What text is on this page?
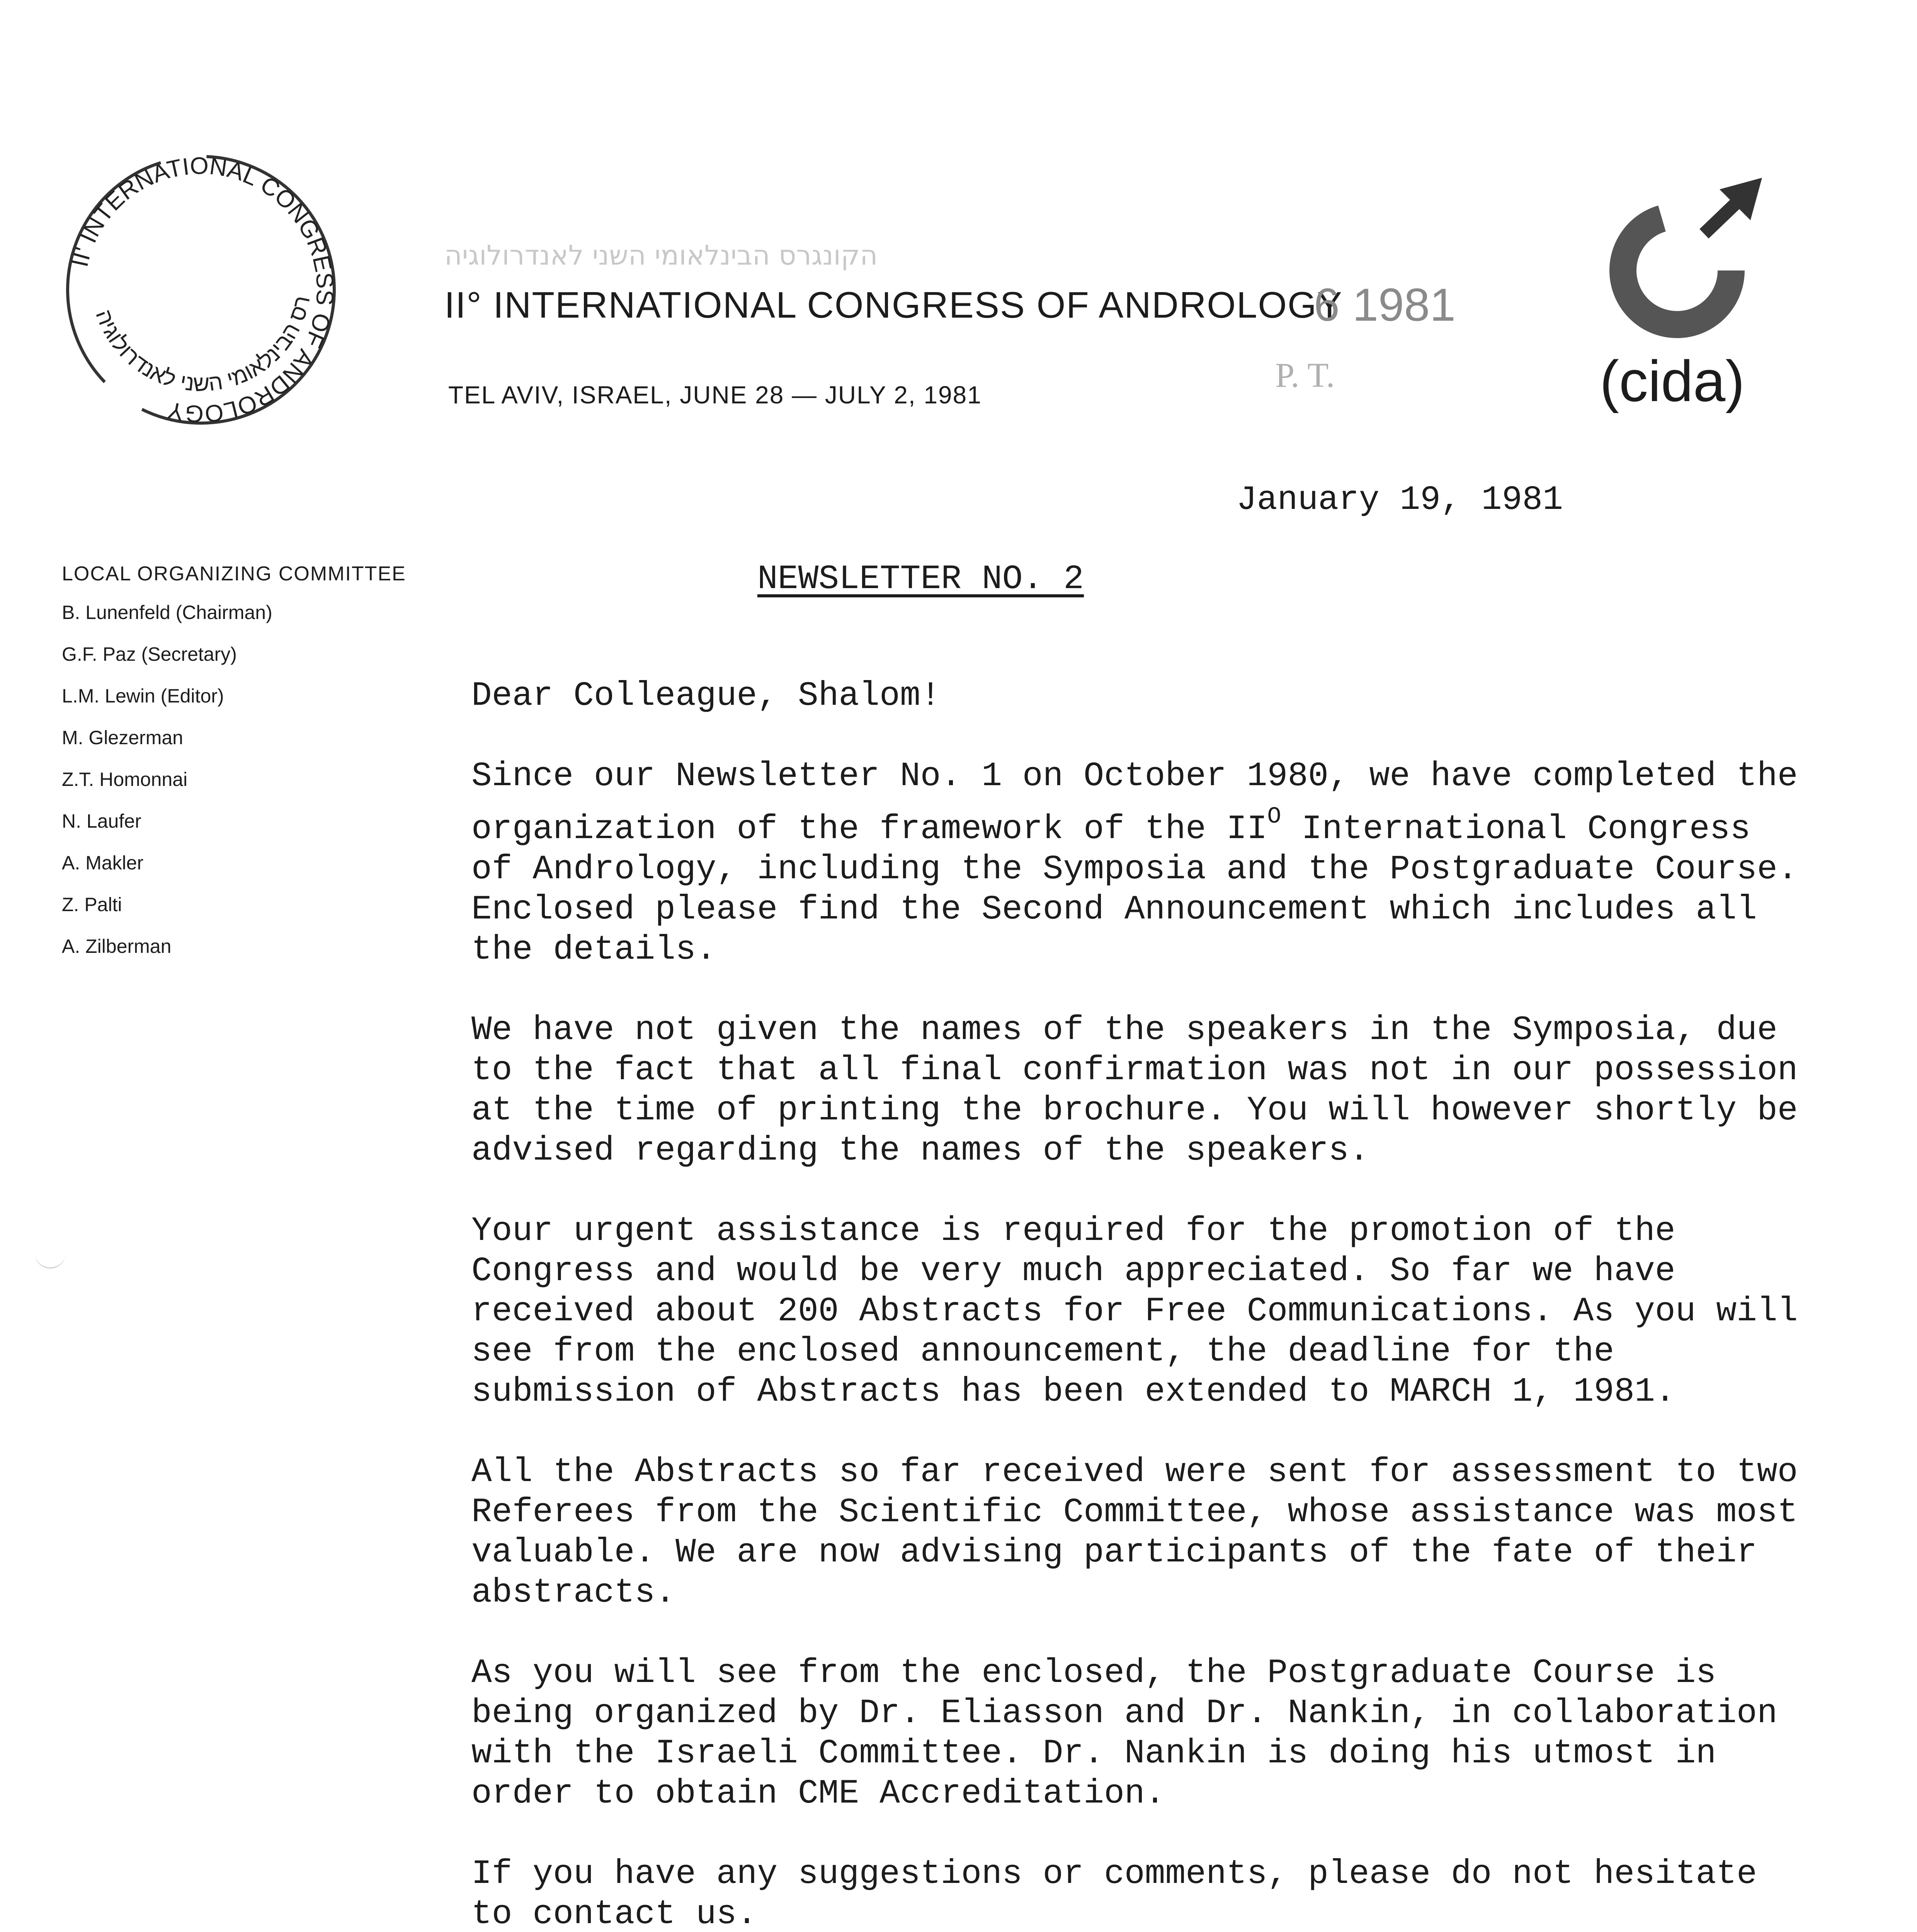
II' INTERNATIONAL CONGRESS OF ANDROLOGY
רס הבינלאומי השני לאנדרולוגיה
הקונגרס הבינלאומי השני לאנדרולוגיה
II° INTERNATIONAL CONGRESS OF ANDROLOGY
TEL AVIV, ISRAEL, JUNE 28 — JULY 2, 1981
6 1981
P. T.	(cida)
LOCAL ORGANIZING COMMITTEE
B. Lunenfeld (Chairman)
G.F. Paz (Secretary)
L.M. Lewin (Editor)
M. Glezerman
Z.T. Homonnai
N. Laufer
A. Makler
Z. Palti
A. Zilberman
January 19, 1981
NEWSLETTER NO. 2

Dear Colleague, Shalom!

Since our Newsletter No. 1 on October 1980, we have completed the organization of the framework of the $II^O$ International Congress of Andrology, including the Symposia and the Postgraduate Course. Enclosed please find the Second Announcement which includes all the details.

We have not given the names of the speakers in the Symposia, due to the fact that all final confirmation was not in our possession at the time of printing the brochure. You will however shortly be advised regarding the names of the speakers.

Your urgent assistance is required for the promotion of the Congress and would be very much appreciated. So far we have received about 200 Abstracts for Free Communications. As you will see from the enclosed announcement, the deadline for the submission of Abstracts has been extended to MARCH 1, 1981.

All the Abstracts so far received were sent for assessment to two Referees from the Scientific Committee, whose assistance was most valuable. We are now advising participants of the fate of their abstracts.

As you will see from the enclosed, the Postgraduate Course is being organized by Dr. Eliasson and Dr. Nankin, in collaboration with the Israeli Committee. Dr. Nankin is doing his utmost in order to obtain CME Accreditation.

If you have any suggestions or comments, please do not hesitate to contact us.
